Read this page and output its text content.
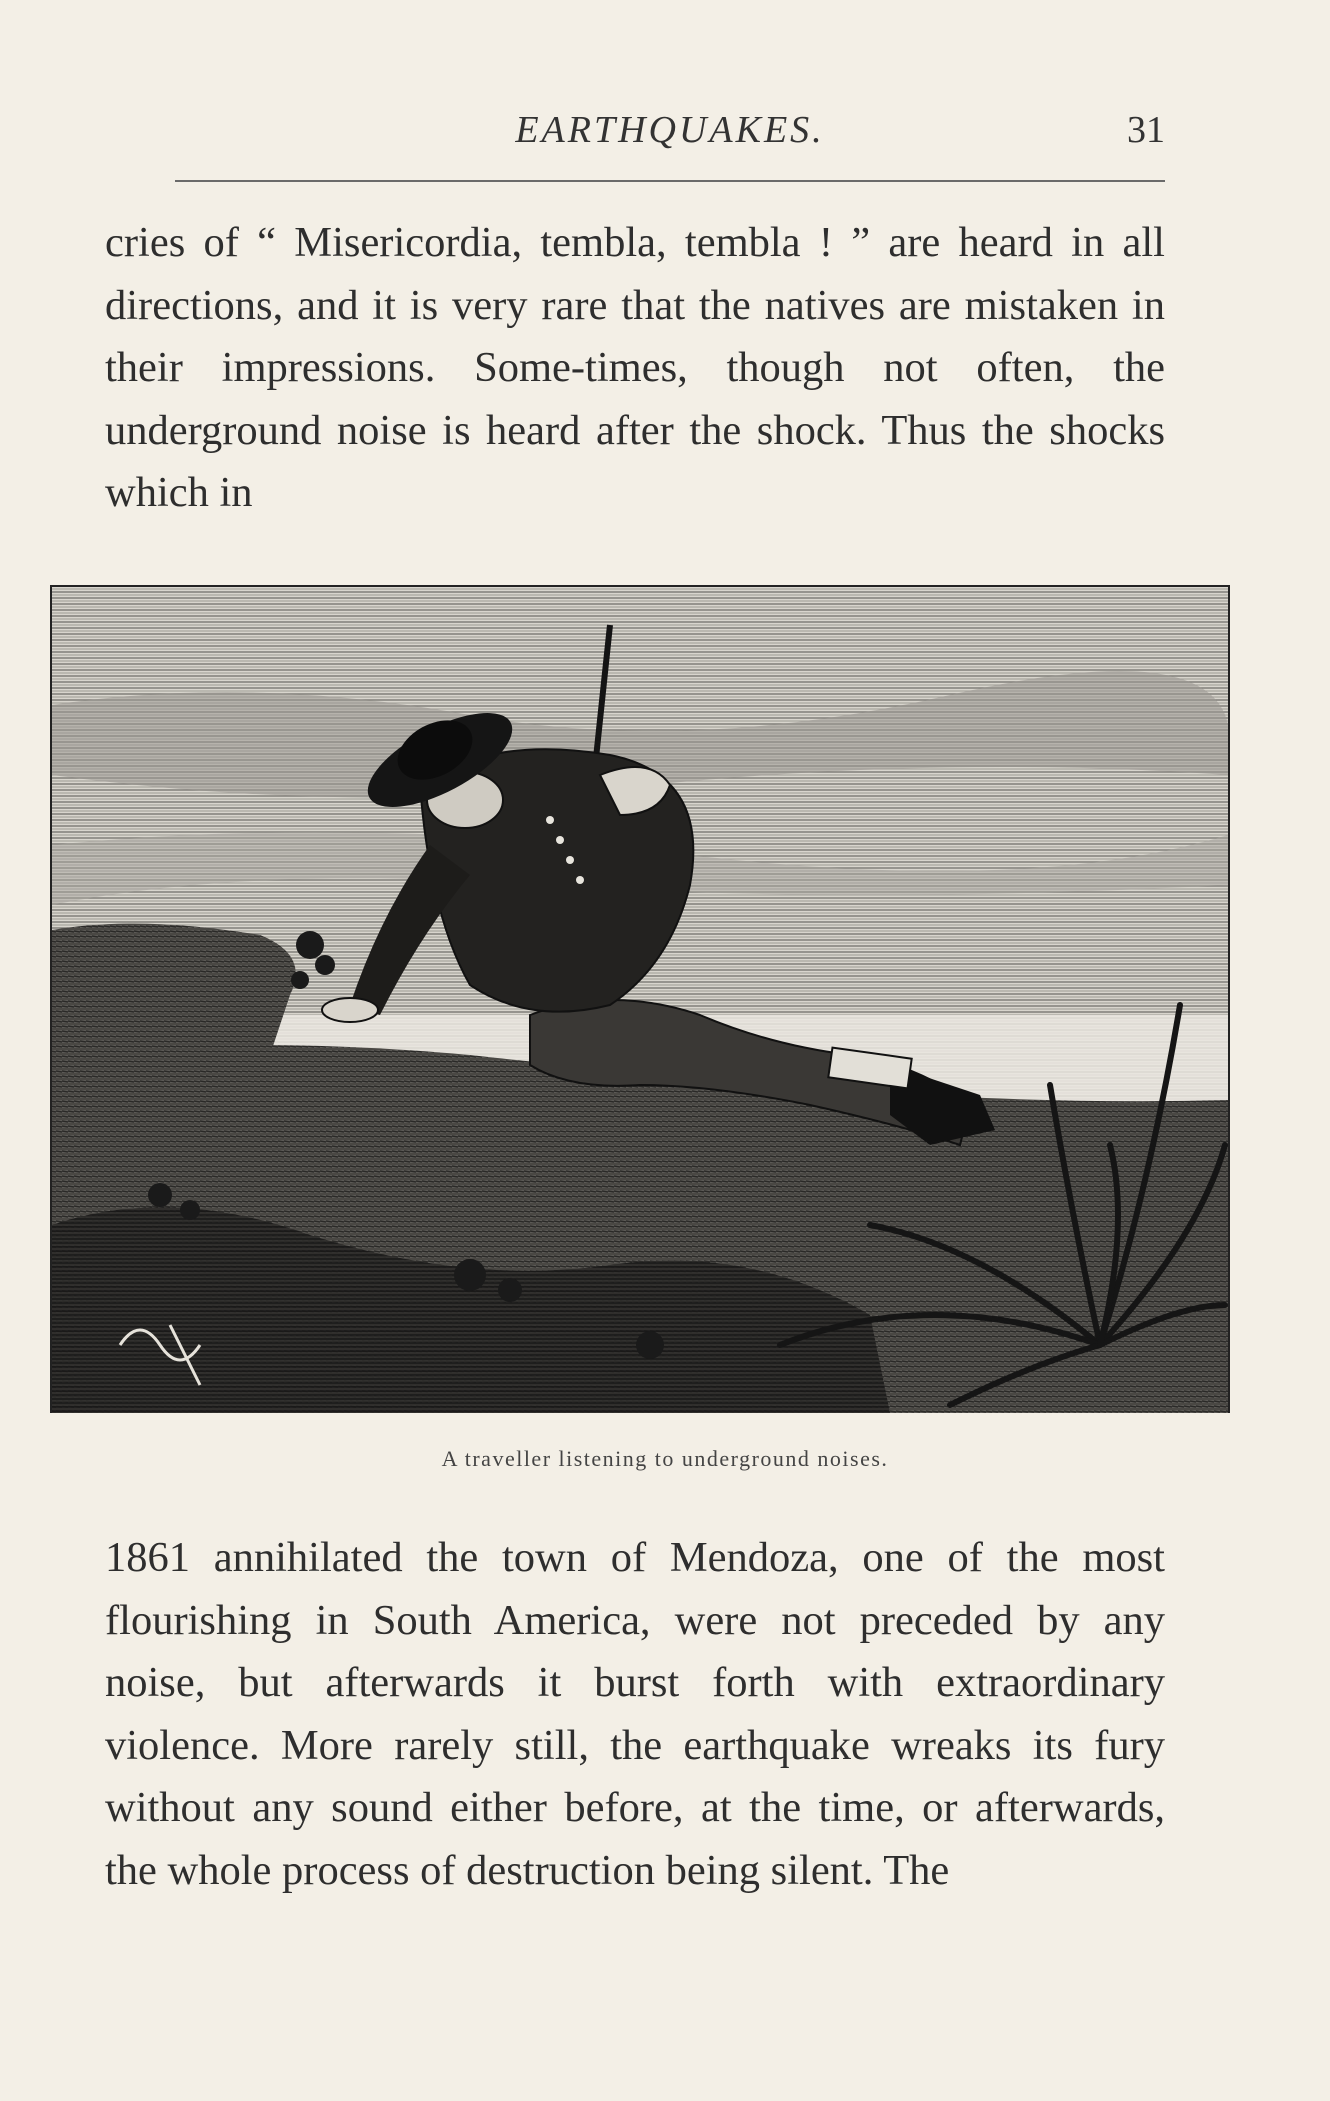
EARTHQUAKES.	31

cries of “ Misericordia, tembla, tembla ! ” are heard in all directions, and it is very rare that the natives are mistaken in their impressions. Some-times, though not often, the underground noise is heard after the shock. Thus the shocks which in

A traveller listening to underground noises.

1861 annihilated the town of Mendoza, one of the most flourishing in South America, were not preceded by any noise, but afterwards it burst forth with extraordinary violence. More rarely still, the earthquake wreaks its fury without any sound either before, at the time, or afterwards, the whole process of destruction being silent. The
